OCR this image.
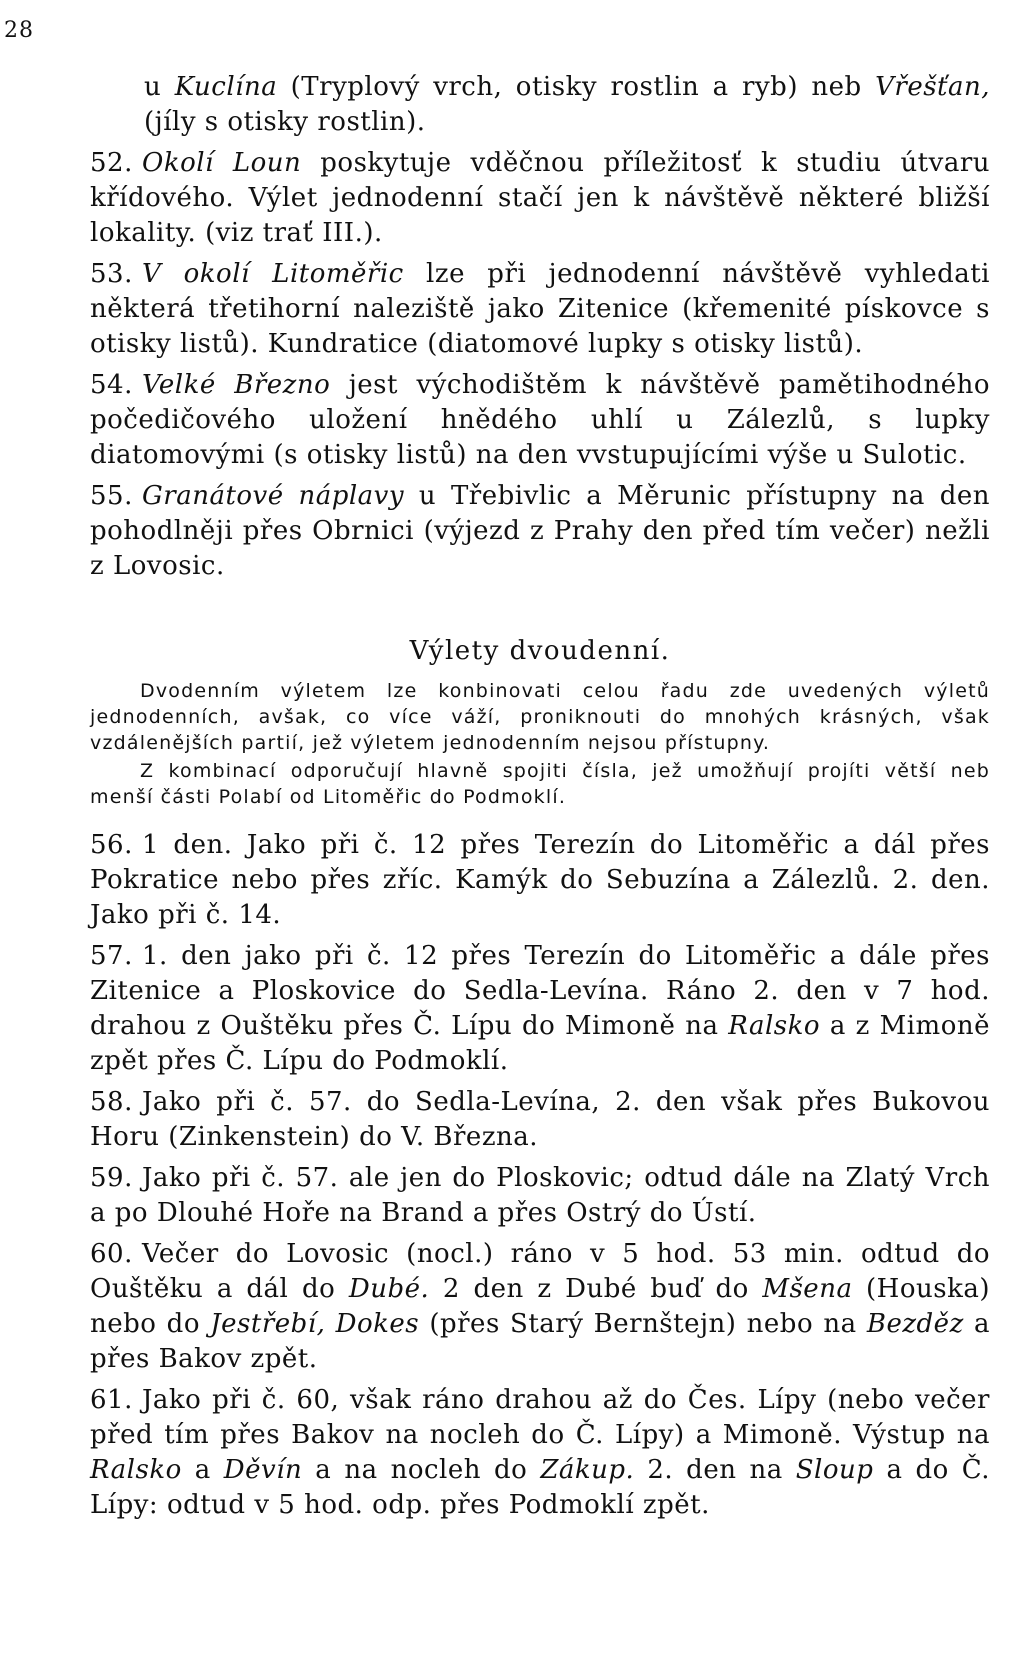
28

u Kuclína (Tryplový vrch, otisky rostlin a ryb) neb Vřešťan, (jíly s otisky rostlin).

52. Okolí Loun poskytuje vděčnou příležitosť k studiu útvaru křídového. Výlet jednodenní stačí jen k návštěvě některé bližší lokality. (viz trať III.).

53. V okolí Litoměřic lze při jednodenní návštěvě vyhledati některá třetihorní naleziště jako Zitenice (křemenité pískovce s otisky listů). Kundratice (diatomové lupky s otisky listů).

54. Velké Březno jest východištěm k návštěvě pamětihodného počedičového uložení hnědého uhlí u Zálezlů, s lupky diatomovými (s otisky listů) na den vvstupujícími výše u Sulotic.

55. Granátové náplavy u Třebivlic a Měrunic přístupny na den pohodlněji přes Obrnici (výjezd z Prahy den před tím večer) nežli z Lovosic.

Výlety dvoudenní.

Dvodenním výletem lze konbinovati celou řadu zde uvedených výletů jednodenních, avšak, co více váží, proniknouti do mnohých krásných, však vzdálenějších partií, jež výletem jednodenním nejsou přístupny.

Z kombinací odporučují hlavně spojiti čísla, jež umožňují projíti větší neb menší části Polabí od Litoměřic do Podmoklí.

56. 1 den. Jako při č. 12 přes Terezín do Litoměřic a dál přes Pokratice nebo přes zříc. Kamýk do Sebuzína a Zálezlů. 2. den. Jako při č. 14.

57. 1. den jako při č. 12 přes Terezín do Litoměřic a dále přes Zitenice a Ploskovice do Sedla-Levína. Ráno 2. den v 7 hod. drahou z Ouštěku přes Č. Lípu do Mimoně na Ralsko a z Mimoně zpět přes Č. Lípu do Podmoklí.

58. Jako při č. 57. do Sedla-Levína, 2. den však přes Bukovou Horu (Zinkenstein) do V. Března.

59. Jako při č. 57. ale jen do Ploskovic; odtud dále na Zlatý Vrch a po Dlouhé Hoře na Brand a přes Ostrý do Ústí.

60. Večer do Lovosic (nocl.) ráno v 5 hod. 53 min. odtud do Ouštěku a dál do Dubé. 2 den z Dubé buď do Mšena (Houska) nebo do Jestřebí, Dokes (přes Starý Bernštejn) nebo na Bezděz a přes Bakov zpět.

61. Jako při č. 60, však ráno drahou až do Čes. Lípy (nebo večer před tím přes Bakov na nocleh do Č. Lípy) a Mimoně. Výstup na Ralsko a Děvín a na nocleh do Zákup. 2. den na Sloup a do Č. Lípy: odtud v 5 hod. odp. přes Podmoklí zpět.
